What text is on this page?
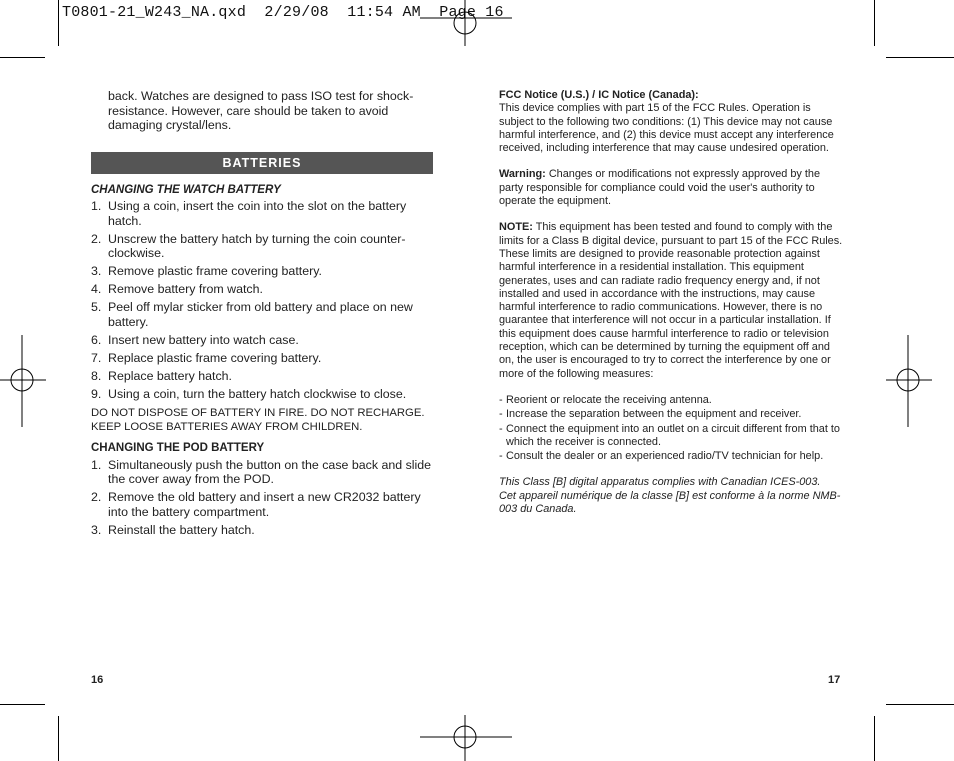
T0801-21_W243_NA.qxd  2/29/08  11:54 AM  Page 16
back. Watches are designed to pass ISO test for shock-resistance. However, care should be taken to avoid damaging crystal/lens.
BATTERIES
CHANGING THE WATCH BATTERY
1. Using a coin, insert the coin into the slot on the battery hatch.
2. Unscrew the battery hatch by turning the coin counter-clockwise.
3. Remove plastic frame covering battery.
4. Remove battery from watch.
5. Peel off mylar sticker from old battery and place on new battery.
6. Insert new battery into watch case.
7. Replace plastic frame covering battery.
8. Replace battery hatch.
9. Using a coin, turn the battery hatch clockwise to close.
DO NOT DISPOSE OF BATTERY IN FIRE. DO NOT RECHARGE. KEEP LOOSE BATTERIES AWAY FROM CHILDREN.
CHANGING THE POD BATTERY
1. Simultaneously push the button on the case back and slide the cover away from the POD.
2. Remove the old battery and insert a new CR2032 battery into the battery compartment.
3. Reinstall the battery hatch.
16
FCC Notice (U.S.) / IC Notice (Canada):
This device complies with part 15 of the FCC Rules. Operation is subject to the following two conditions: (1) This device may not cause harmful interference, and (2) this device must accept any interference received, including interference that may cause undesired operation.
Warning: Changes or modifications not expressly approved by the party responsible for compliance could void the user's authority to operate the equipment.
NOTE: This equipment has been tested and found to comply with the limits for a Class B digital device, pursuant to part 15 of the FCC Rules. These limits are designed to provide reasonable protection against harmful interference in a residential installation. This equipment generates, uses and can radiate radio frequency energy and, if not installed and used in accordance with the instructions, may cause harmful interference to radio communications. However, there is no guarantee that interference will not occur in a particular installation. If this equipment does cause harmful interference to radio or television reception, which can be determined by turning the equipment off and on, the user is encouraged to try to correct the interference by one or more of the following measures:
- Reorient or relocate the receiving antenna.
- Increase the separation between the equipment and receiver.
- Connect the equipment into an outlet on a circuit different from that to which the receiver is connected.
- Consult the dealer or an experienced radio/TV technician for help.
This Class [B] digital apparatus complies with Canadian ICES-003.
Cet appareil numérique de la classe [B] est conforme à la norme NMB-003 du Canada.
17
